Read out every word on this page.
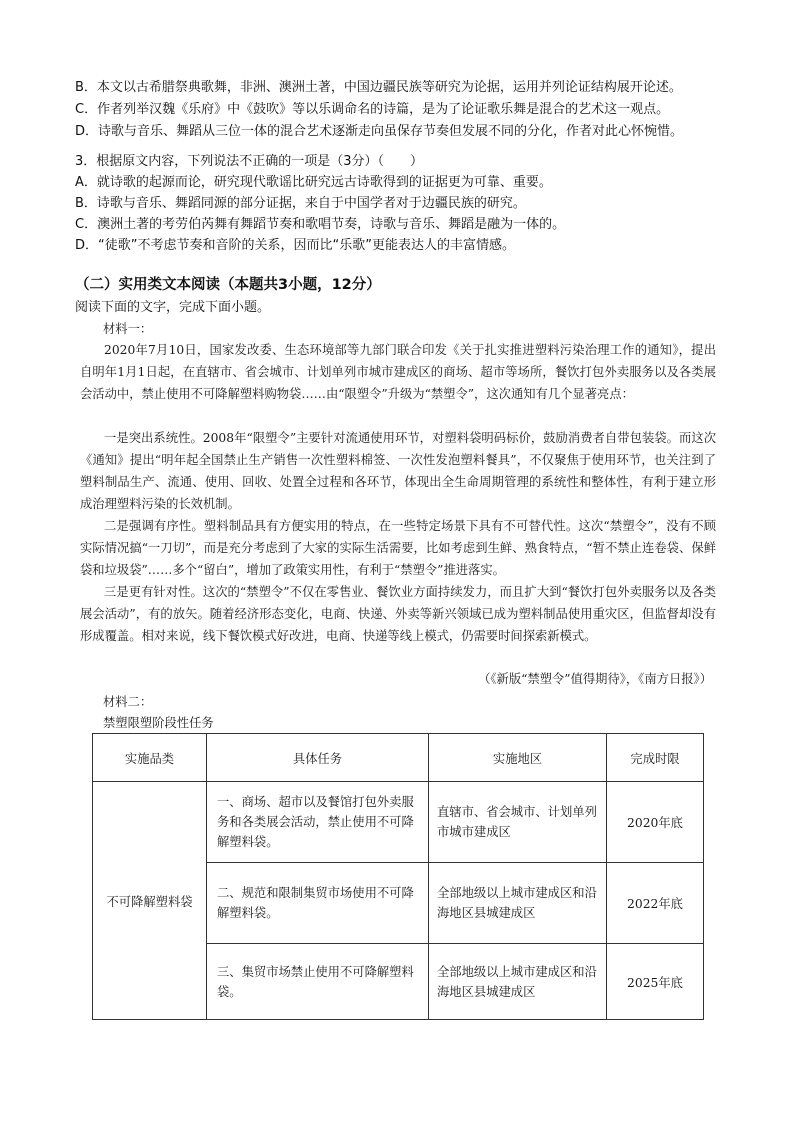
B．本文以古希腊祭典歌舞，非洲、澳洲土著，中国边疆民族等研究为论据，运用并列论证结构展开论述。
C．作者列举汉魏《乐府》中《鼓吹》等以乐调命名的诗篇，是为了论证歌乐舞是混合的艺术这一观点。
D．诗歌与音乐、舞蹈从三位一体的混合艺术逐渐走向虽保存节奏但发展不同的分化，作者对此心怀惋惜。
3．根据原文内容，下列说法不正确的一项是（3分）（　　）
A．就诗歌的起源而论，研究现代歌谣比研究远古诗歌得到的证据更为可靠、重要。
B．诗歌与音乐、舞蹈同源的部分证据，来自于中国学者对于边疆民族的研究。
C．澳洲土著的考劳伯芮舞有舞蹈节奏和歌唱节奏，诗歌与音乐、舞蹈是融为一体的。
D．“徒歌”不考虑节奏和音阶的关系，因而比“乐歌”更能表达人的丰富情感。
（二）实用类文本阅读（本题共3小题，12分）
阅读下面的文字，完成下面小题。
材料一：

2020年7月10日，国家发改委、生态环境部等九部门联合印发《关于扎实推进塑料污染治理工作的通知》，提出自明年1月1日起，在直辖市、省会城市、计划单列市城市建成区的商场、超市等场所，餐饮打包外卖服务以及各类展会活动中，禁止使用不可降解塑料购物袋……由“限塑令”升级为“禁塑令”，这次通知有几个显著亮点：

一是突出系统性。2008年“限塑令”主要针对流通使用环节，对塑料袋明码标价，鼓励消费者自带包装袋。而这次《通知》提出“明年起全国禁止生产销售一次性塑料棉签、一次性发泡塑料餐具”，不仅聚焦于使用环节，也关注到了塑料制品生产、流通、使用、回收、处置全过程和各环节，体现出全生命周期管理的系统性和整体性，有利于建立形成治理塑料污染的长效机制。

二是强调有序性。塑料制品具有方便实用的特点，在一些特定场景下具有不可替代性。这次“禁塑令”，没有不顾实际情况搞“一刀切”，而是充分考虑到了大家的实际生活需要，比如考虑到生鲜、熟食特点，“暂不禁止连卷袋、保鲜袋和垃圾袋”……多个“留白”，增加了政策实用性，有利于“禁塑令”推进落实。

三是更有针对性。这次的“禁塑令”不仅在零售业、餐饮业方面持续发力，而且扩大到“餐饮打包外卖服务以及各类展会活动”，有的放矢。随着经济形态变化，电商、快递、外卖等新兴领域已成为塑料制品使用重灾区，但监督却没有形成覆盖。相对来说，线下餐饮模式好改进，电商、快递等线上模式，仍需要时间探索新模式。

（《新版“禁塑令”值得期待》，《南方日报》）
材料二：
禁塑限塑阶段性任务
实施品类	具体任务	实施地区	完成时限
不可降解塑料袋	一、商场、超市以及餐馆打包外卖服务和各类展会活动，禁止使用不可降解塑料袋。	直辖市、省会城市、计划单列市城市建成区	2020年底
	二、规范和限制集贸市场使用不可降解塑料袋。	全部地级以上城市建成区和沿海地区县城建成区	2022年底
	三、集贸市场禁止使用不可降解塑料袋。	全部地级以上城市建成区和沿海地区县城建成区	2025年底
